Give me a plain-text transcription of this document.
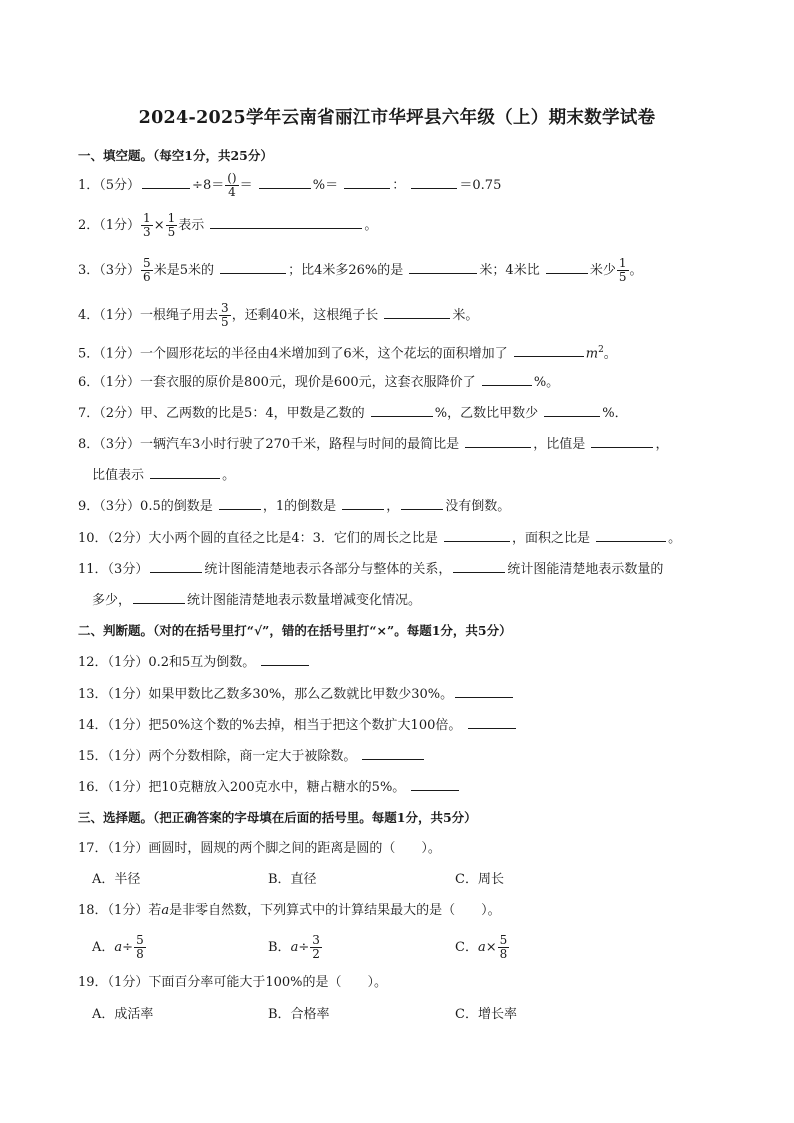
2024-2025学年云南省丽江市华坪县六年级（上）期末数学试卷
一、填空题。（每空1分，共25分）
1．（5分）	$\div 8= \frac{()}{4}$ ＝	%＝	：	＝0.75
2．（1分） $\frac{1}{3} \times \frac{1}{5}$ 表示	。
3．（3分） $\frac{5}{6}$ 米是5米的	；比4米多26%的是	米；4米比	米少 $\frac{1}{5}$ 。
4．（1分）一根绳子用去 $\frac{3}{5}$ ，还剩40米，这根绳子长	米。
5．（1分）一个圆形花坛的半径由4米增加到了6米，这个花坛的面积增加了	$m^2$。
6．（1分）一套衣服的原价是800元，现价是600元，这套衣服降价了	%。
7．（2分）甲、乙两数的比是5：4，甲数是乙数的	%，乙数比甲数少	%．
8．（3分）一辆汽车3小时行驶了270千米，路程与时间的最简比是	，比值是	，
比值表示	。
9．（3分）0.5的倒数是	，1的倒数是	，	没有倒数。
10．（2分）大小两个圆的直径之比是4：3．它们的周长之比是	，面积之比是	。
11．（3分）	统计图能清楚地表示各部分与整体的关系，	统计图能清楚地表示数量的
多少，	统计图能清楚地表示数量增减变化情况。
二、判断题。（对的在括号里打“√”，错的在括号里打“×”。每题1分，共5分）
12．（1分）0.2和5互为倒数。
13．（1分）如果甲数比乙数多30%，那么乙数就比甲数少30%。
14．（1分）把50%这个数的%去掉，相当于把这个数扩大100倍。
15．（1分）两个分数相除，商一定大于被除数。
16．（1分）把10克糖放入200克水中，糖占糖水的5%。
三、选择题。（把正确答案的字母填在后面的括号里。每题1分，共5分）
17．（1分）画圆时，圆规的两个脚之间的距离是圆的（　　）。
A．半径	B．直径	C．周长
18．（1分）若a是非零自然数，下列算式中的计算结果最大的是（　　）。
A．$a\div \frac{5}{8}$	B．$a\div \frac{3}{2}$	C．$a\times \frac{5}{8}$
19．（1分）下面百分率可能大于100%的是（　　）。
A．成活率	B．合格率	C．增长率
